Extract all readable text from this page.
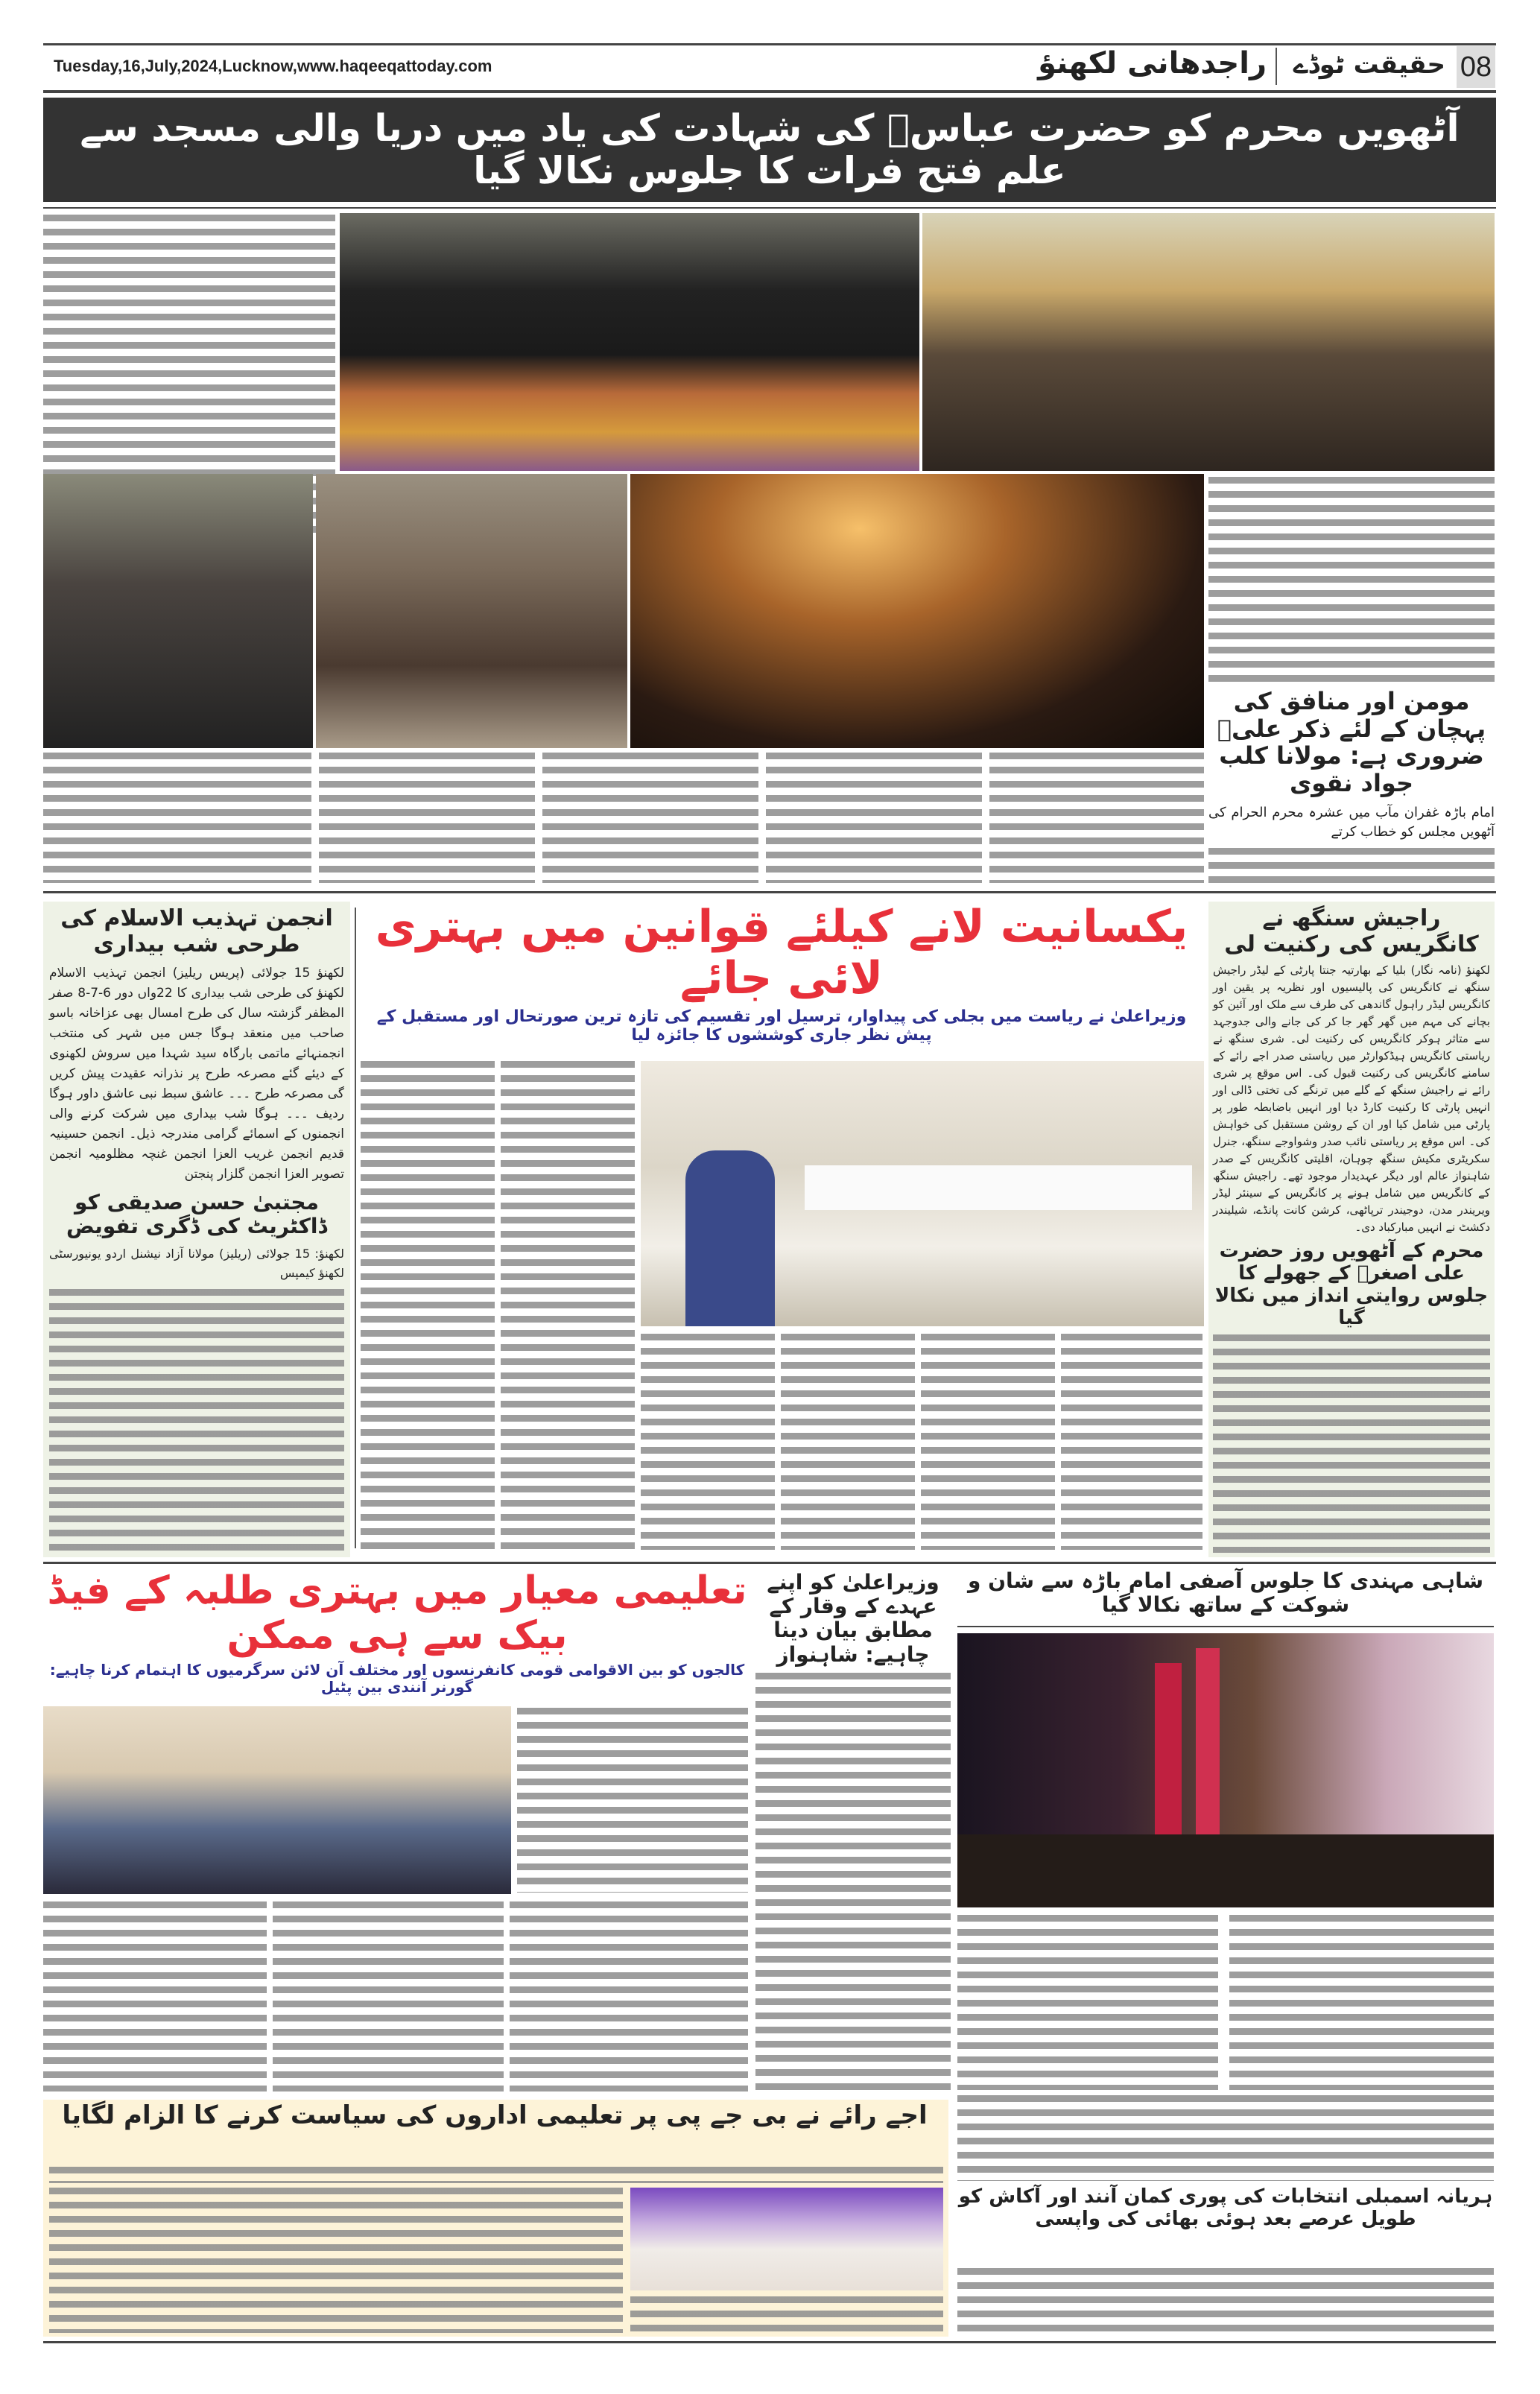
Tuesday,16,July,2024,Lucknow,www.haqeeqattoday.com	08
حقیقت ٹوڈے
راجدھانی لکھنؤ
آٹھویں محرم کو حضرت عباسؑ کی شہادت کی یاد میں دریا والی مسجد سے علم فتح فرات کا جلوس نکالا گیا
مومن اور منافق کی پہچان کے لئے ذکر علیؑ ضروری ہے: مولانا کلب جواد نقوی
امام باڑہ غفران مآب میں عشرہ محرم الحرام کی آٹھویں مجلس کو خطاب کرتے
انجمن تہذیب الاسلام کی طرحی شب بیداری
لکھنؤ 15 جولائی (پریس ریلیز) انجمن تہذیب الاسلام لکھنؤ کی طرحی شب بیداری کا 22واں دور 6-7-8 صفر المظفر گزشتہ سال کی طرح امسال بھی عزاخانہ باسو صاحب میں منعقد ہوگا جس میں شہر کی منتخب انجمنہائے ماتمی بارگاہ سید شہدا میں سروش لکھنوی کے دیئے گئے مصرعہ طرح پر نذرانہ عقیدت پیش کریں گی مصرعہ طرح ۔۔۔ عاشق سبط نبی عاشق داور ہوگا ردیف ۔۔۔ ہوگا شب بیداری میں شرکت کرنے والی انجمنوں کے اسمائے گرامی مندرجہ ذیل۔ انجمن حسینیہ قدیم انجمن غریب العزا انجمن غنچہ مظلومیہ انجمن تصویر العزا انجمن گلزار پنجتن
مجتبیٰ حسن صدیقی کو ڈاکٹریٹ کی ڈگری تفویض
لکھنؤ: 15 جولائی (ریلیز) مولانا آزاد نیشنل اردو یونیورسٹی لکھنؤ کیمپس
یکسانیت لانے کیلئے قوانین میں بہتری لائی جائے
وزیراعلیٰ نے ریاست میں بجلی کی پیداوار، ترسیل اور تقسیم کی تازہ ترین صورتحال اور مستقبل کے پیش نظر جاری کوششوں کا جائزہ لیا
راجیش سنگھ نے کانگریس کی رکنیت لی
لکھنؤ (نامہ نگار) بلیا کے بھارتیہ جنتا پارٹی کے لیڈر راجیش سنگھ نے کانگریس کی پالیسیوں اور نظریہ پر یقین اور کانگریس لیڈر راہول گاندھی کی طرف سے ملک اور آئین کو بچانے کی مہم میں گھر گھر جا کر کی جانے والی جدوجہد سے متاثر ہوکر کانگریس کی رکنیت لی۔ شری سنگھ نے ریاستی کانگریس ہیڈکوارٹر میں ریاستی صدر اجے رائے کے سامنے کانگریس کی رکنیت قبول کی۔ اس موقع پر شری رائے نے راجیش سنگھ کے گلے میں ترنگے کی تختی ڈالی اور انہیں پارٹی کا رکنیت کارڈ دیا اور انہیں باضابطہ طور پر پارٹی میں شامل کیا اور ان کے روشن مستقبل کی خواہش کی۔ اس موقع پر ریاستی نائب صدر وشواوجے سنگھ، جنرل سکریٹری مکیش سنگھ چوہان، اقلیتی کانگریس کے صدر شاہنواز عالم اور دیگر عہدیدار موجود تھے۔ راجیش سنگھ کے کانگریس میں شامل ہونے پر کانگریس کے سینئر لیڈر ویریندر مدن، دوجیندر ترپاٹھی، کرشن کانت پانڈے، شیلیندر دکشٹ نے انہیں مبارکباد دی۔
محرم کے آٹھویں روز حضرت علی اصغرؑ کے جھولے کا جلوس روایتی انداز میں نکالا گیا
تعلیمی معیار میں بہتری طلبہ کے فیڈ بیک سے ہی ممکن
کالجوں کو بین الاقوامی قومی کانفرنسوں اور مختلف آن لائن سرگرمیوں کا اہتمام کرنا چاہیے: گورنر آنندی بین پٹیل
وزیراعلیٰ کو اپنے عہدے کے وقار کے مطابق بیان دینا چاہیے: شاہنواز
شاہی مہندی کا جلوس آصفی امام باڑہ سے شان و شوکت کے ساتھ نکالا گیا
اجے رائے نے بی جے پی پر تعلیمی اداروں کی سیاست کرنے کا الزام لگایا
ہریانہ اسمبلی انتخابات کی پوری کمان آنند اور آکاش کو طویل عرصے بعد ہوئی بھائی کی واپسی
